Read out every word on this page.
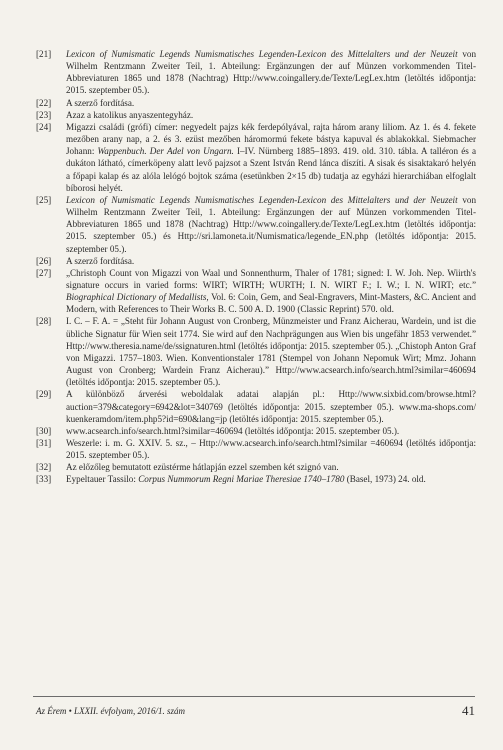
[21]	Lexicon of Numismatic Legends Numismatisches Legenden-Lexicon des Mittelalters und der Neuzeit von Wilhelm Rentzmann Zweiter Teil, 1. Abteilung: Ergänzungen der auf Münzen vorkommenden Titel-Abbreviaturen 1865 und 1878 (Nachtrag) Http://www.coingallery.de/Texte/LegLex.htm (letöltés időpontja: 2015. szeptember 05.).
[22]	A szerző fordítása.
[23]	Azaz a katolikus anyaszentegyház.
[24]	Migazzi családi (grófi) címer: negyedelt pajzs kék ferdepólyával, rajta három arany liliom. Az 1. és 4. fekete mezőben arany nap, a 2. és 3. ezüst mezőben háromormú fekete bástya kapuval és ablakokkal. Siebmacher Johann: Wappenbuch. Der Adel von Ungarn. I–IV. Nürnberg 1885–1893. 419. old. 310. tábla. A talléron és a dukáton látható, címerköpeny alatt levő pajzsot a Szent István Rend lánca díszíti. A sisak és sisaktakaró helyén a főpapi kalap és az alóla lelógó bojtok száma (esetünkben 2×15 db) tudatja az egyházi hierarchiában elfoglalt bíborosi helyét.
[25]	Lexicon of Numismatic Legends Numismatisches Legenden-Lexicon des Mittelalters und der Neuzeit von Wilhelm Rentzmann Zweiter Teil, 1. Abteilung: Ergänzungen der auf Münzen vorkommenden Titel-Abbreviaturen 1865 und 1878 (Nachtrag) Http://www.coingallery.de/Texte/LegLex.htm (letöltés időpontja: 2015. szeptember 05.) és Http://sri.lamoneta.it/Numismatica/legende_EN.php (letöltés időpontja: 2015. szeptember 05.).
[26]	A szerző fordítása.
[27]	„Christoph Count von Migazzi von Waal und Sonnenthurm, Thaler of 1781; signed: I. W. Joh. Nep. Wiirth's signature occurs in varied forms: WIRT; WIRTH; WURTH; I. N. WIRT F.; I. W.; I. N. WIRT; etc.” Biographical Dictionary of Medallists, Vol. 6: Coin, Gem, and Seal-Engravers, Mint-Masters, &C. Ancient and Modern, with References to Their Works B. C. 500 A. D. 1900 (Classic Reprint) 570. old.
[28]	I. C. – F. A. = „Steht für Johann August von Cronberg, Münzmeister und Franz Aicherau, Wardein, und ist die übliche Signatur für Wien seit 1774. Sie wird auf den Nachprägungen aus Wien bis ungefähr 1853 verwendet.” Http://www.theresia.name/de/ssignaturen.html (letöltés időpontja: 2015. szeptember 05.). „Chistoph Anton Graf von Migazzi. 1757–1803. Wien. Konventionstaler 1781 (Stempel von Johann Nepomuk Wirt; Mmz. Johann August von Cronberg; Wardein Franz Aicherau).” Http://www.acsearch.info/search.html?similar=460694 (letöltés időpontja: 2015. szeptember 05.).
[29]	A különböző árverési weboldalak adatai alapján pl.: Http://www.sixbid.com/browse.html?auction=379&category=6942&lot=340769 (letöltés időpontja: 2015. szeptember 05.). www.ma-shops.com/ kuenkeramdom/item.php5?id=690&lang=jp (letöltés időpontja: 2015. szeptember 05.).
[30]	www.acsearch.info/search.html?similar=460694 (letöltés időpontja: 2015. szeptember 05.).
[31]	Weszerle: i. m. G. XXIV. 5. sz., – Http://www.acsearch.info/search.html?similar =460694 (letöltés időpontja: 2015. szeptember 05.).
[32]	Az előzőleg bemutatott ezüstérme hátlapján ezzel szemben két szignó van.
[33]	Eypeltauer Tassilo: Corpus Nummorum Regni Mariae Theresiae 1740–1780 (Basel, 1973) 24. old.
Az Érem • LXXII. évfolyam, 2016/1. szám	41
